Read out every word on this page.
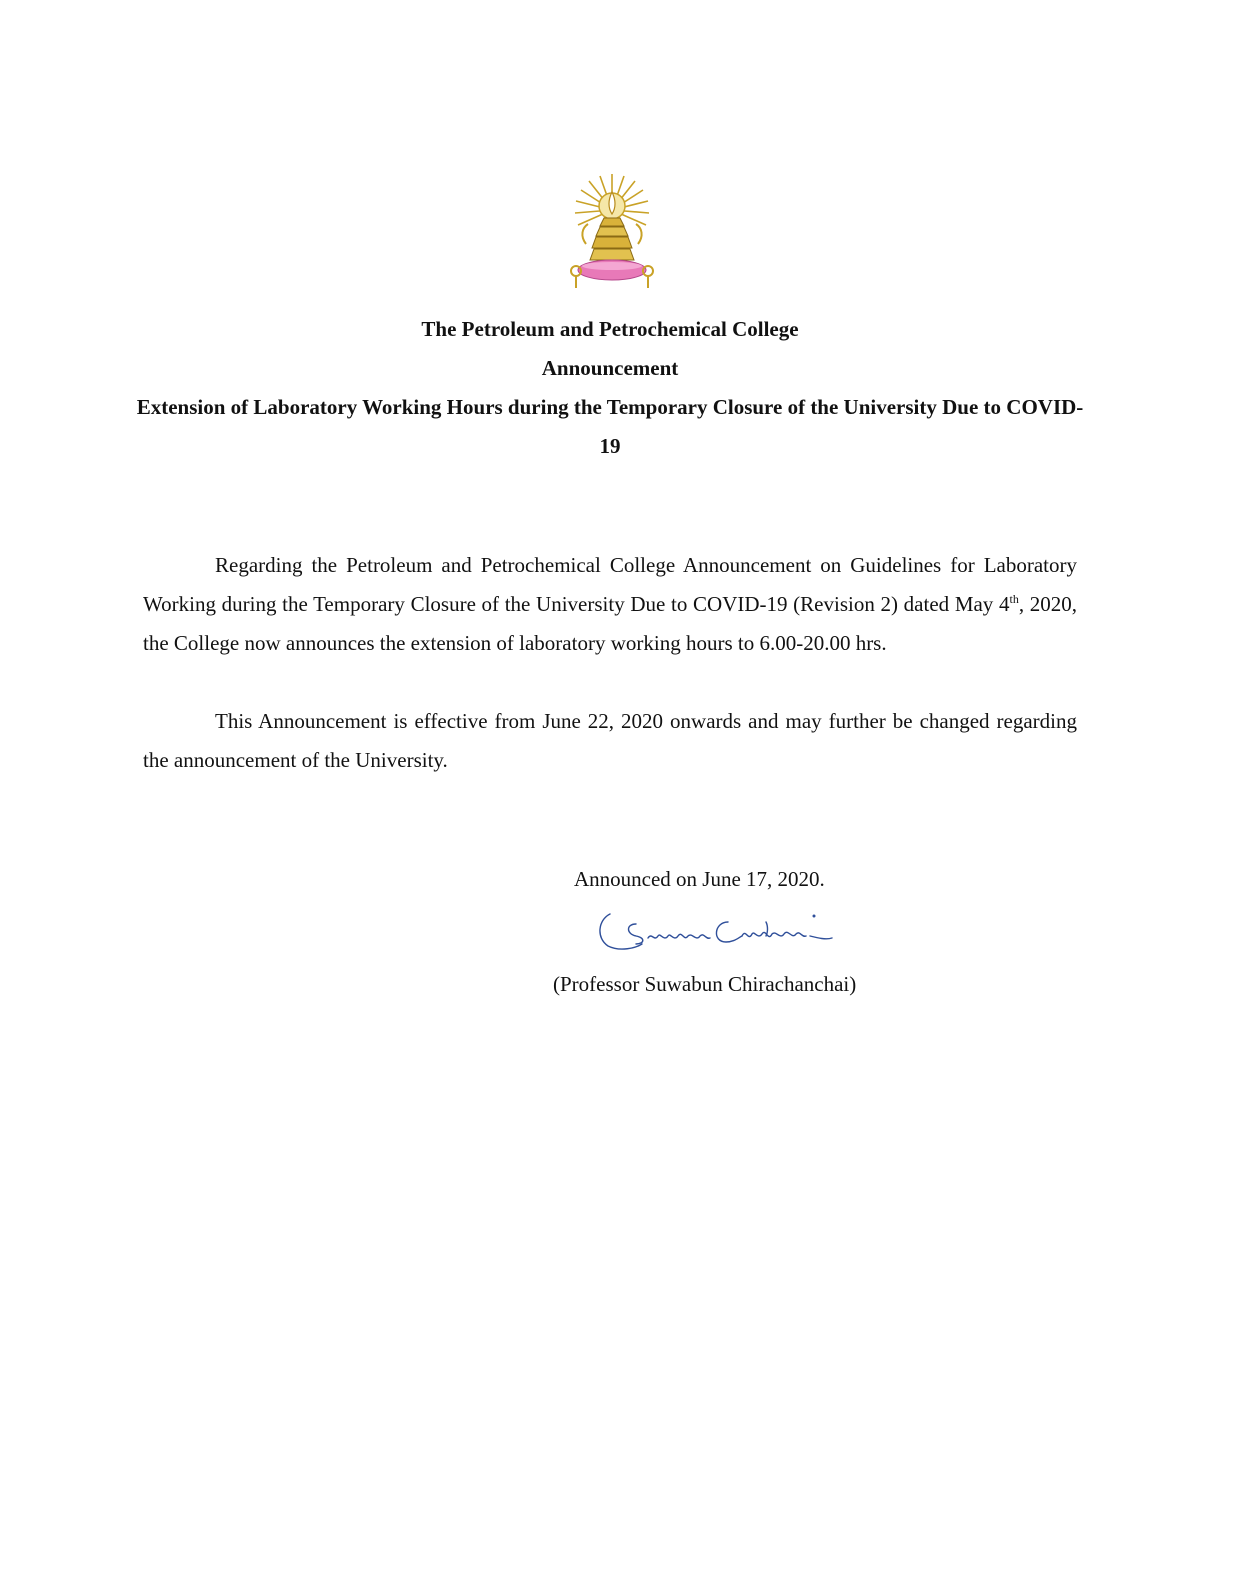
The Petroleum and Petrochemical College
Announcement
Extension of Laboratory Working Hours during the Temporary Closure of the University Due to COVID-19
Regarding the Petroleum and Petrochemical College Announcement on Guidelines for Laboratory Working during the Temporary Closure of the University Due to COVID-19 (Revision 2) dated May 4th, 2020, the College now announces the extension of laboratory working hours to 6.00-20.00 hrs.
This Announcement is effective from June 22, 2020 onwards and may further be changed regarding the announcement of the University.
Announced on June 17, 2020.
(Professor Suwabun Chirachanchai)
